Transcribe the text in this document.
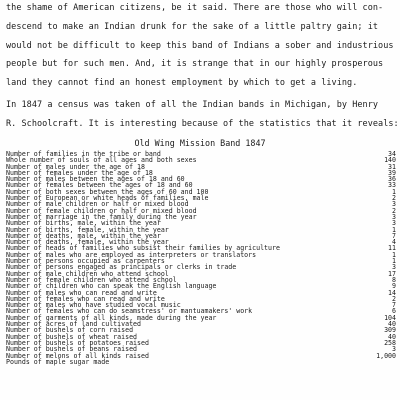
the shame of American citizens, be it said. There are those who will con-
descend to make an Indian drunk for the sake of a little paltry gain; it
would not be difficult to keep this band of Indians a sober and industrious
people but for such men. And, it is strange that in our highly prosperous
land they cannot find an honest employment by which to get a living.
In 1847 a census was taken of all the Indian bands in Michigan, by Henry
R. Schoolcraft. It is interesting because of the statistics that it reveals:
Old Wing Mission Band 1847
Number of families in the tribe or band	34
Whole number of souls of all ages and both sexes	140
Number of males under the age of 18	31
Number of females under the age of 18	39
Number of males between the ages of 18 and 60	36
Number of females between the ages of 18 and 60	33
Number of both sexes between the ages of 60 and 100	1
Number of European or white heads of families, male	2
Number of male children or half or mixed blood	3
Number of female children or half or mixed blood	2
Number of marriage in the family during the year	3
Number of births, male, within the year	3
Number of births, female, within the year	1
Number of deaths, male, within the year	7
Number of deaths, female, within the year	4
Number of heads of families who subsist their families by agriculture	11
Number of males who are employed as interpreters or translators	1
Number of persons occupied as carpenters	1
Number of persons engaged as principals or clerks in trade	3
Number of male children who attend school	17
Number of female children who attend school	8
Number of children who can speak the English language	9
Number of males who can read and write	14
Number of females who can read and write	2
Number of males who have studied vocal music	7
Number of females who can do seamstress' or mantuamakers' work	6
Number of garments of all kinds, made during the year	104
Number of acres of land cultivated	40
Number of bushels of corn raised	309
Number of bushels of wheat raised	40
Number of bushels of potatoes raised	258
Number of bushels of beans raised	3
Number of melons of all kinds raised	1,000
Pounds of maple sugar made
